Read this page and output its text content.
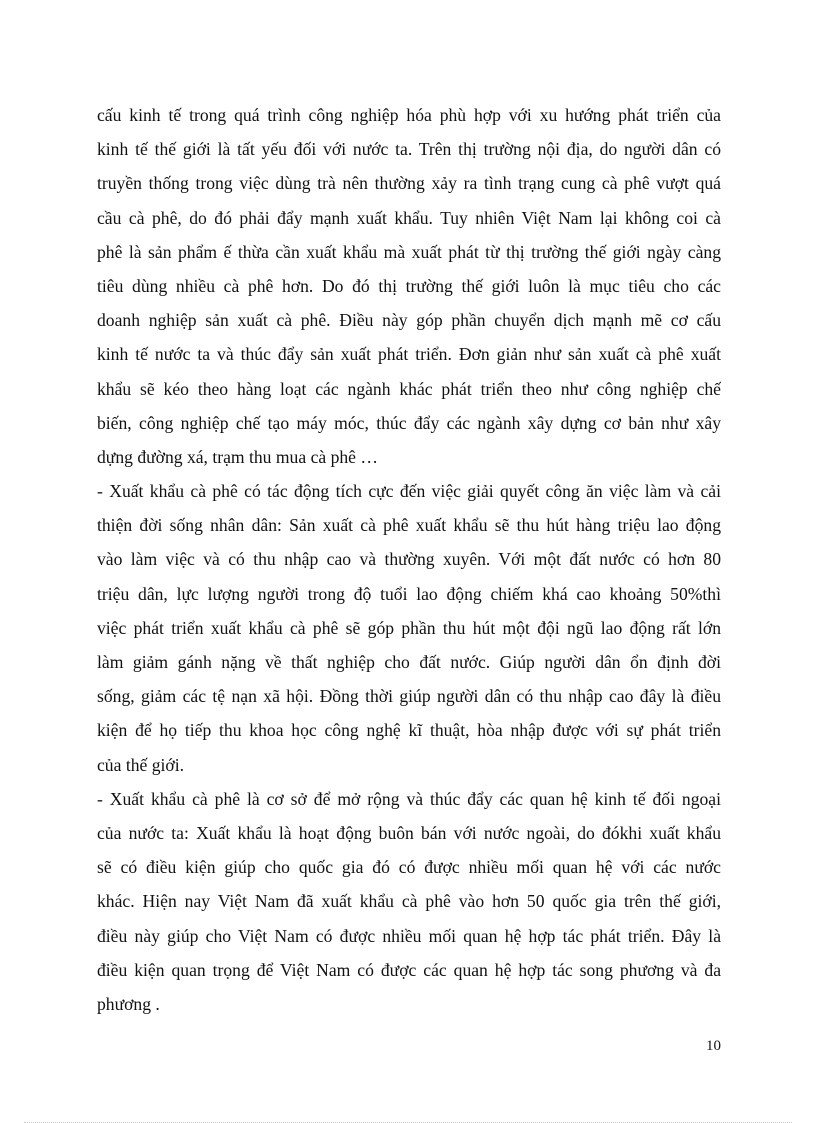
cấu kinh tế trong quá trình công nghiệp hóa phù hợp với xu hướng phát triển của
kinh tế thế giới là tất yếu đối với nước ta. Trên thị trường nội địa, do người dân có
truyền thống trong việc dùng trà nên thường xảy ra tình trạng cung cà phê vượt quá
cầu cà phê, do đó phải đẩy mạnh xuất khẩu. Tuy nhiên Việt Nam lại không coi cà
phê là sản phẩm ế thừa cần xuất khẩu mà xuất phát từ thị trường thế giới ngày càng
tiêu dùng nhiều cà phê hơn. Do đó thị trường thế giới luôn là mục tiêu cho các
doanh nghiệp sản xuất cà phê. Điều này góp phần chuyển dịch mạnh mẽ cơ cấu
kinh tế nước ta và thúc đẩy sản xuất phát triển. Đơn giản như sản xuất cà phê xuất
khẩu sẽ kéo theo hàng loạt các ngành khác phát triển theo như công nghiệp chế
biến, công nghiệp chế tạo máy móc, thúc đẩy các ngành xây dựng cơ bản như xây
dựng đường xá, trạm thu mua cà phê …
- Xuất khẩu cà phê có tác động tích cực đến việc giải quyết công ăn việc làm và cải
thiện đời sống nhân dân: Sản xuất cà phê xuất khẩu sẽ thu hút hàng triệu lao động
vào làm việc và có thu nhập cao và thường xuyên. Với một đất nước có hơn 80
triệu dân, lực lượng người trong độ tuổi lao động chiếm khá cao khoảng 50%thì
việc phát triển xuất khẩu cà phê sẽ góp phần thu hút một đội ngũ lao động rất lớn
làm giảm gánh nặng về thất nghiệp cho đất nước. Giúp người dân ổn định đời
sống, giảm các tệ nạn xã hội. Đồng thời giúp người dân có thu nhập cao đây là điều
kiện để họ tiếp thu khoa học công nghệ kĩ thuật, hòa nhập được với sự phát triển
của thế giới.
- Xuất khẩu cà phê là cơ sở để mở rộng và thúc đẩy các quan hệ kinh tế đối ngoại
của nước ta: Xuất khẩu là hoạt động buôn bán với nước ngoài, do đókhi xuất khẩu
sẽ có điều kiện giúp cho quốc gia đó có được nhiều mối quan hệ với các nước
khác. Hiện nay Việt Nam đã xuất khẩu cà phê vào hơn 50 quốc gia trên thế giới,
điều này giúp cho Việt Nam có được nhiều mối quan hệ hợp tác phát triển. Đây là
điều kiện quan trọng để Việt Nam có được các quan hệ hợp tác song phương và đa
phương .
10
